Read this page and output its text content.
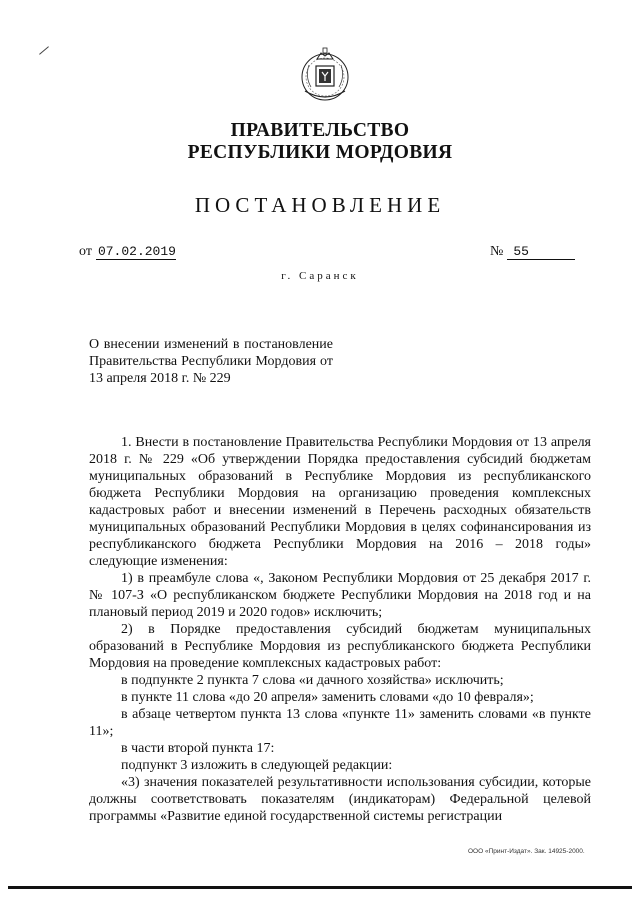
ПРАВИТЕЛЬСТВО
РЕСПУБЛИКИ МОРДОВИЯ
ПОСТАНОВЛЕНИЕ
от 07.02.2019	№ 55
г. Саранск
О внесении изменений в постановление Правительства Республики Мордовия от 13 апреля 2018 г. № 229

1. Внести в постановление Правительства Республики Мордовия от 13 апреля 2018 г. № 229 «Об утверждении Порядка предоставления субсидий бюджетам муниципальных образований в Республике Мордовия из республиканского бюджета Республики Мордовия на организацию проведения комплексных кадастровых работ и внесении изменений в Перечень расходных обязательств муниципальных образований Республики Мордовия в целях софинансирования из республиканского бюджета Республики Мордовия на 2016 – 2018 годы» следующие изменения:

1) в преамбуле слова «, Законом Республики Мордовия от 25 декабря 2017 г. № 107-З «О республиканском бюджете Республики Мордовия на 2018 год и на плановый период 2019 и 2020 годов» исключить;

2) в Порядке предоставления субсидий бюджетам муниципальных образований в Республике Мордовия из республиканского бюджета Республики Мордовия на проведение комплексных кадастровых работ:

в подпункте 2 пункта 7 слова «и дачного хозяйства» исключить;

в пункте 11 слова «до 20 апреля» заменить словами «до 10 февраля»;

в абзаце четвертом пункта 13 слова «пункте 11» заменить словами «в пункте 11»;

в части второй пункта 17:

подпункт 3 изложить в следующей редакции:

«3) значения показателей результативности использования субсидии, которые должны соответствовать показателям (индикаторам) Федеральной целевой программы «Развитие единой государственной системы регистрации

ООО «Принт-Издат». Зак. 14925-2000.
